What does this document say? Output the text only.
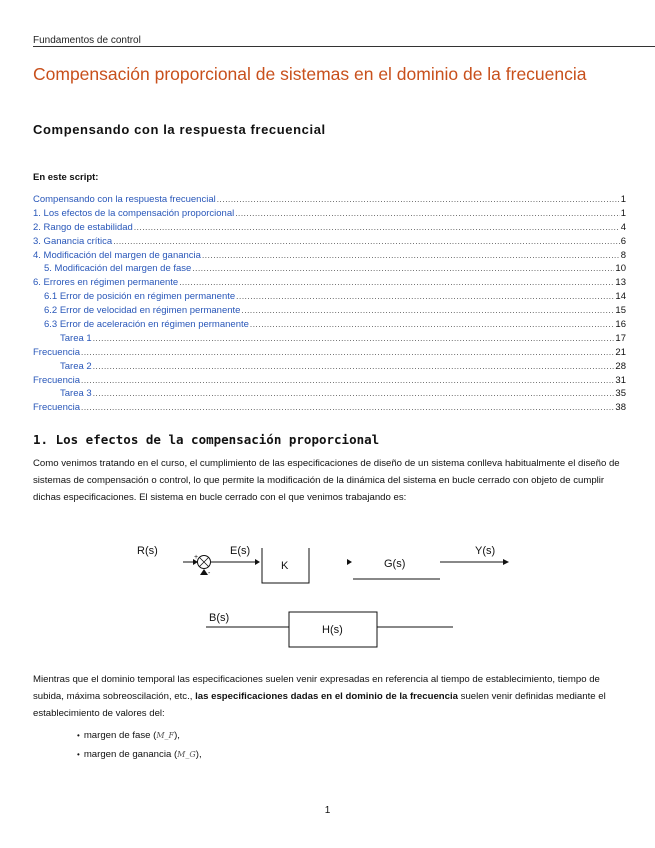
Fundamentos de control
Compensación proporcional de sistemas en el dominio de la frecuencia
Compensando con la respuesta frecuencial
En este script:
Compensando con la respuesta frecuencial .....	1
1. Los efectos de la compensación proporcional .....	1
2. Rango de estabilidad .....	4
3. Ganancia crítica .....	6
4. Modificación del margen de ganancia .....	8
5. Modificación del margen de fase .....	10
6. Errores en régimen permanente .....	13
6.1 Error de posición en régimen permanente .....	14
6.2 Error de velocidad en régimen permanente .....	15
6.3 Error de aceleración en régimen permanente .....	16
Tarea 1 .....	17
Frecuencia .....	21
Tarea 2 .....	28
Frecuencia .....	31
Tarea 3 .....	35
Frecuencia .....	38
1. Los efectos de la compensación proporcional

Como venimos tratando en el curso, el cumplimiento de las especificaciones de diseño de un sistema conlleva habitualmente el diseño de sistemas de compensación o control, lo que permite la modificación de la dinámica del sistema en bucle cerrado con objeto de cumplir dichas especificaciones. El sistema en bucle cerrado con el que venimos trabajando es:

R(s)
+
-
E(s)
K	G(s)
Y(s)
B(s)
H(s)

Mientras que el dominio temporal las especificaciones suelen venir expresadas en referencia al tiempo de establecimiento, tiempo de subida, máxima sobreoscilación, etc., las especificaciones dadas en el dominio de la frecuencia suelen venir definidas mediante el establecimiento de valores del:

• margen de fase (M_F),
• margen de ganancia (M_G),
1
